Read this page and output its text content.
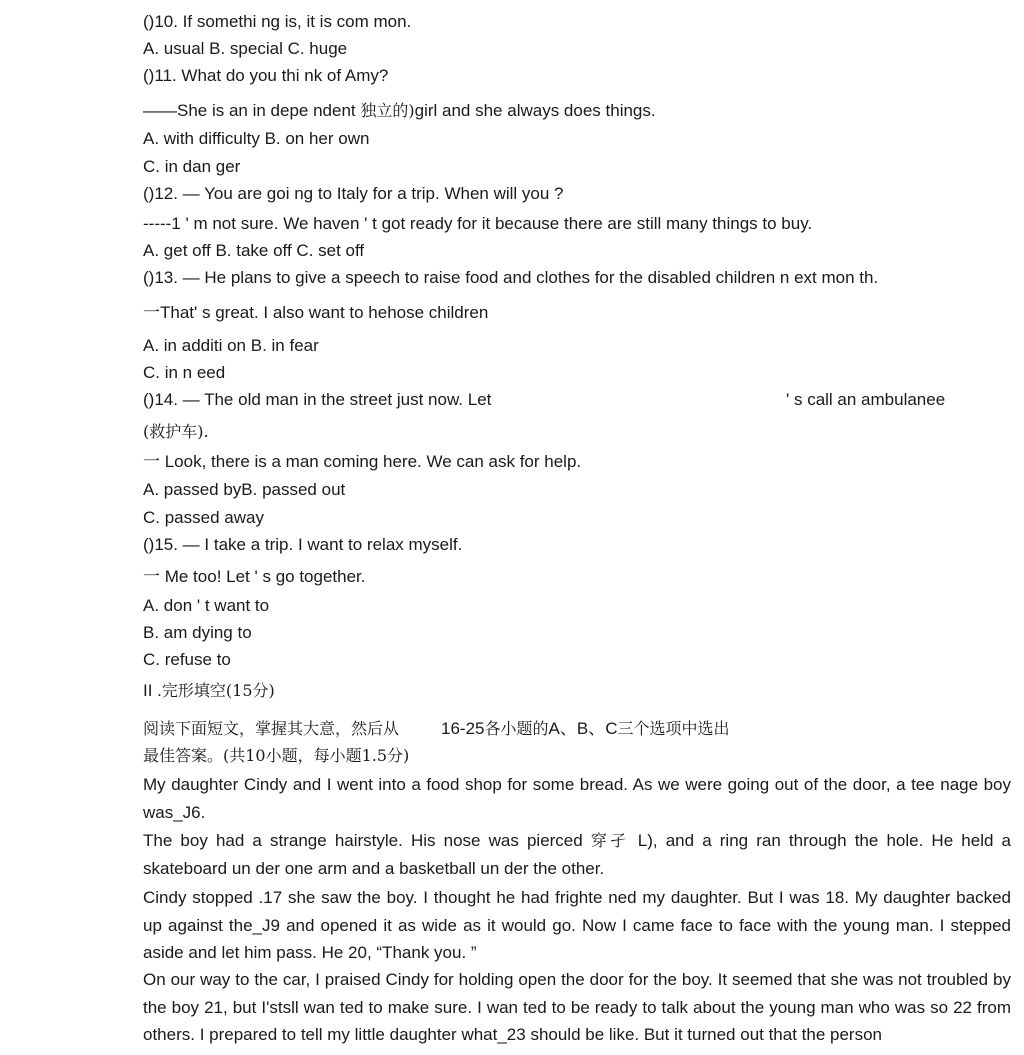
()10. If somethi ng is, it is com mon.
A. usual B. special C. huge
()11. What do you thi nk of Amy?
——She is an in depe ndent 独立的)girl and she always does things.
A. with difficulty B. on her own
C. in dan ger
()12. — You are goi ng to Italy for a trip. When will you ?
-----1 ' m not sure. We haven ' t got ready for it because there are still many things to buy.
A. get off B. take off C. set off
()13. — He plans to give a speech to raise food and clothes for the disabled children n ext mon th.
一That' s great. I also want to hehose children
A. in additi on B. in fear
C. in n eed
()14. — The old man in the street just now. Let	' s call an ambulanee
(救护车).
一 Look, there is a man coming here. We can ask for help.
A. passed byB. passed out
C. passed away
()15. — I take a trip. I want to relax myself.
一 Me too! Let ' s go together.
A. don ' t want to
B. am dying to
C. refuse to
II .完形填空(15分)
阅读下面短文，掌握其大意，然后从 16-25各小题的A、B、C三个选项中选出
最佳答案。(共10小题，每小题1.5分)
My daughter Cindy and I went into a food shop for some bread. As we were going out of the door, a tee nage boy was_J6.
The boy had a strange hairstyle. His nose was pierced 穿孑 L), and a ring ran through the hole. He held a skateboard un der one arm and a basketball un der the other.
Cindy stopped .17 she saw the boy. I thought he had frighte ned my daughter. But I was 18. My daughter backed up against the_J9 and opened it as wide as it would go. Now I came face to face with the young man. I stepped aside and let him pass. He 20, “Thank you. ”
On our way to the car, I praised Cindy for holding open the door for the boy. It seemed that she was not troubled by the boy 21, but I'stsll wan ted to make sure. I wan ted to be ready to talk about the young man who was so 22 from others. I prepared to tell my little daughter what_23 should be like. But it turned out that the person
